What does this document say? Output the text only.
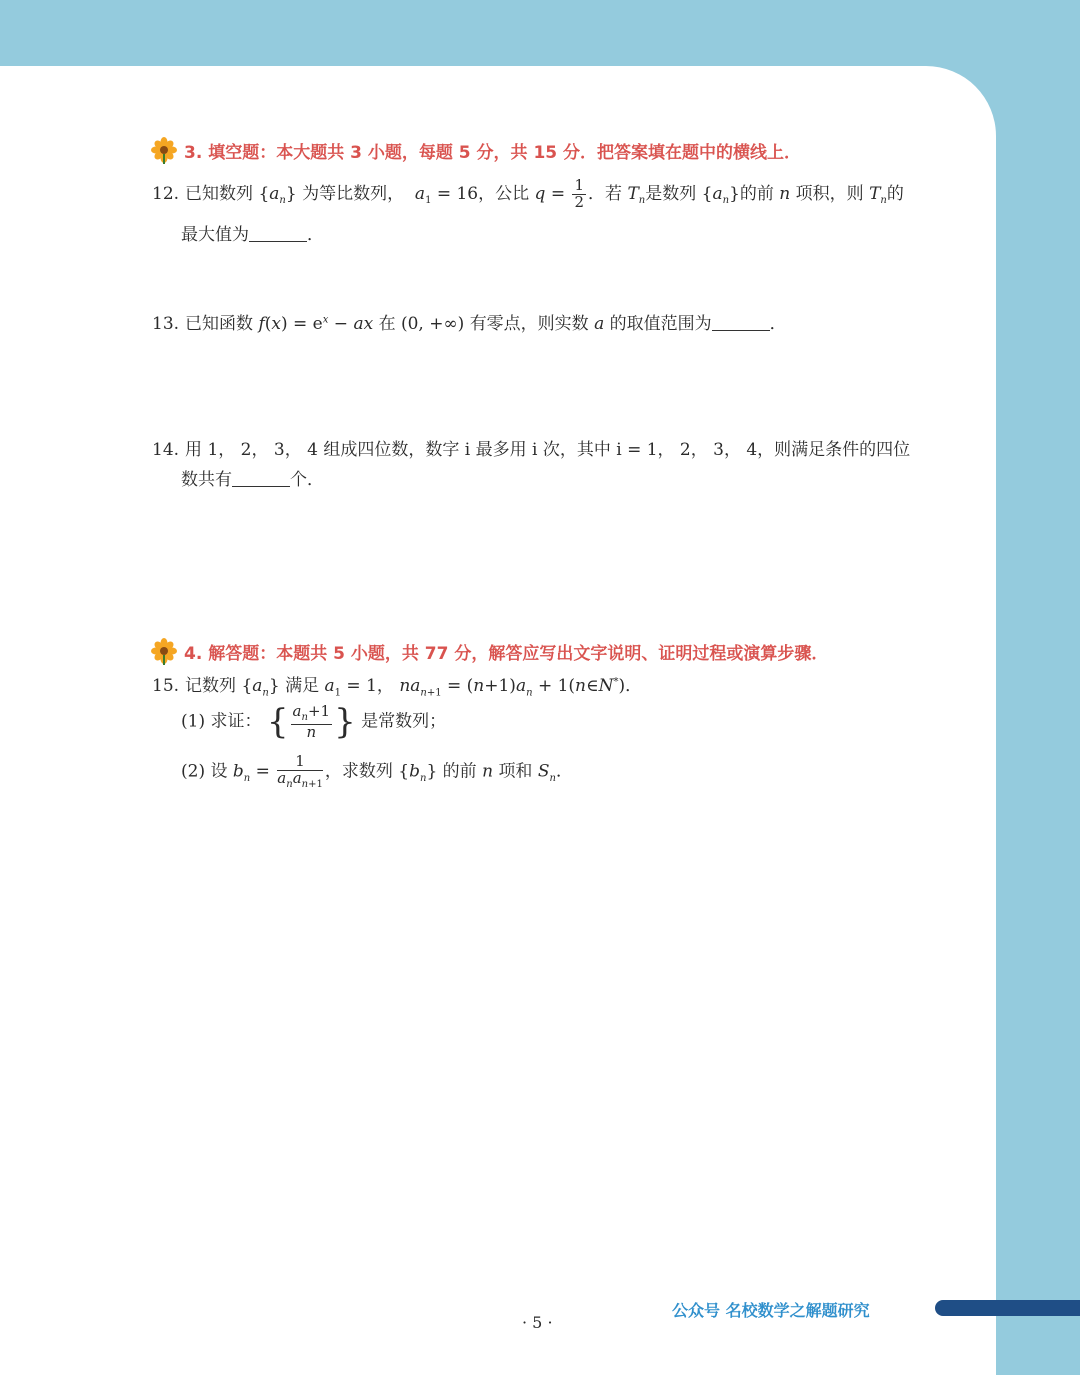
3. 填空题：本大题共 3 小题，每题 5 分，共 15 分．把答案填在题中的横线上．
12. 已知数列 $\{a_n\}$ 为等比数列， $a_1 = 16$，公比 $q = \frac{1}{2}$ ．若 $T_n$是数列 $\{a_n\}$的前 n 项积，则 $T_n$的
最大值为	．
13. 已知函数 $f(x) = e^x$ − ax 在 (0, +∞) 有零点，则实数 a 的取值范围为	．
14. 用 1， 2， 3， 4 组成四位数，数字 i 最多用 i 次，其中 i = 1， 2， 3， 4，则满足条件的四位
数共有	个．
4. 解答题：本题共 5 小题，共 77 分，解答应写出文字说明、证明过程或演算步骤．
15. 记数列 $\{a_n\}$ 满足 $a_1 = 1$， $na_{n+1} = (n+1)a_n$ + 1(n∈N*)．
(1) 求证： { $\frac{a_n+1}{n}$ } 是常数列；
(2) 设 $b_n = \frac{1}{a_na_{n+1}}$ ，求数列 $\{b_n\}$ 的前 n 项和 $S_n$．
· 5 ·
公众号 名校数学之解题研究
